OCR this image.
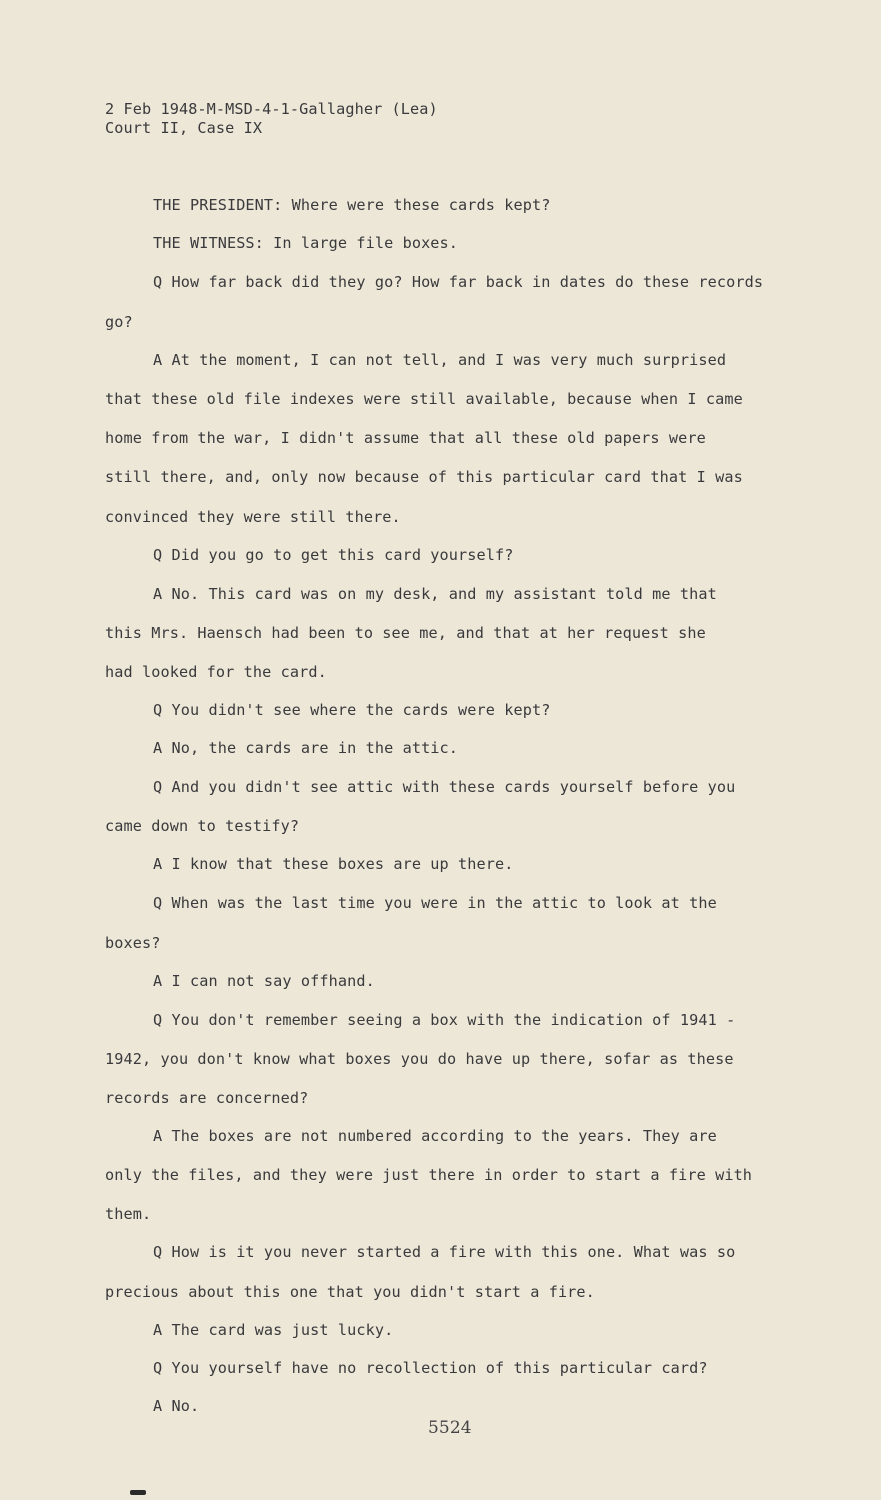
2 Feb 1948-M-MSD-4-1-Gallagher (Lea)
Court II, Case IX
THE PRESIDENT: Where were these cards kept?
THE WITNESS: In large file boxes.
Q How far back did they go? How far back in dates do these records
go?
A At the moment, I can not tell, and I was very much surprised
that these old file indexes were still available, because when I came
home from the war, I didn't assume that all these old papers were
still there, and, only now because of this particular card that I was
convinced they were still there.
Q Did you go to get this card yourself?
A No. This card was on my desk, and my assistant told me that
this Mrs. Haensch had been to see me, and that at her request she
had looked for the card.
Q You didn't see where the cards were kept?
A No, the cards are in the attic.
Q And you didn't see attic with these cards yourself before you
came down to testify?
A I know that these boxes are up there.
Q When was the last time you were in the attic to look at the
boxes?
A I can not say offhand.
Q You don't remember seeing a box with the indication of 1941 -
1942, you don't know what boxes you do have up there, sofar as these
records are concerned?
A The boxes are not numbered according to the years. They are
only the files, and they were just there in order to start a fire with
them.
Q How is it you never started a fire with this one. What was so
precious about this one that you didn't start a fire.
A The card was just lucky.
Q You yourself have no recollection of this particular card?
A No.
5524
